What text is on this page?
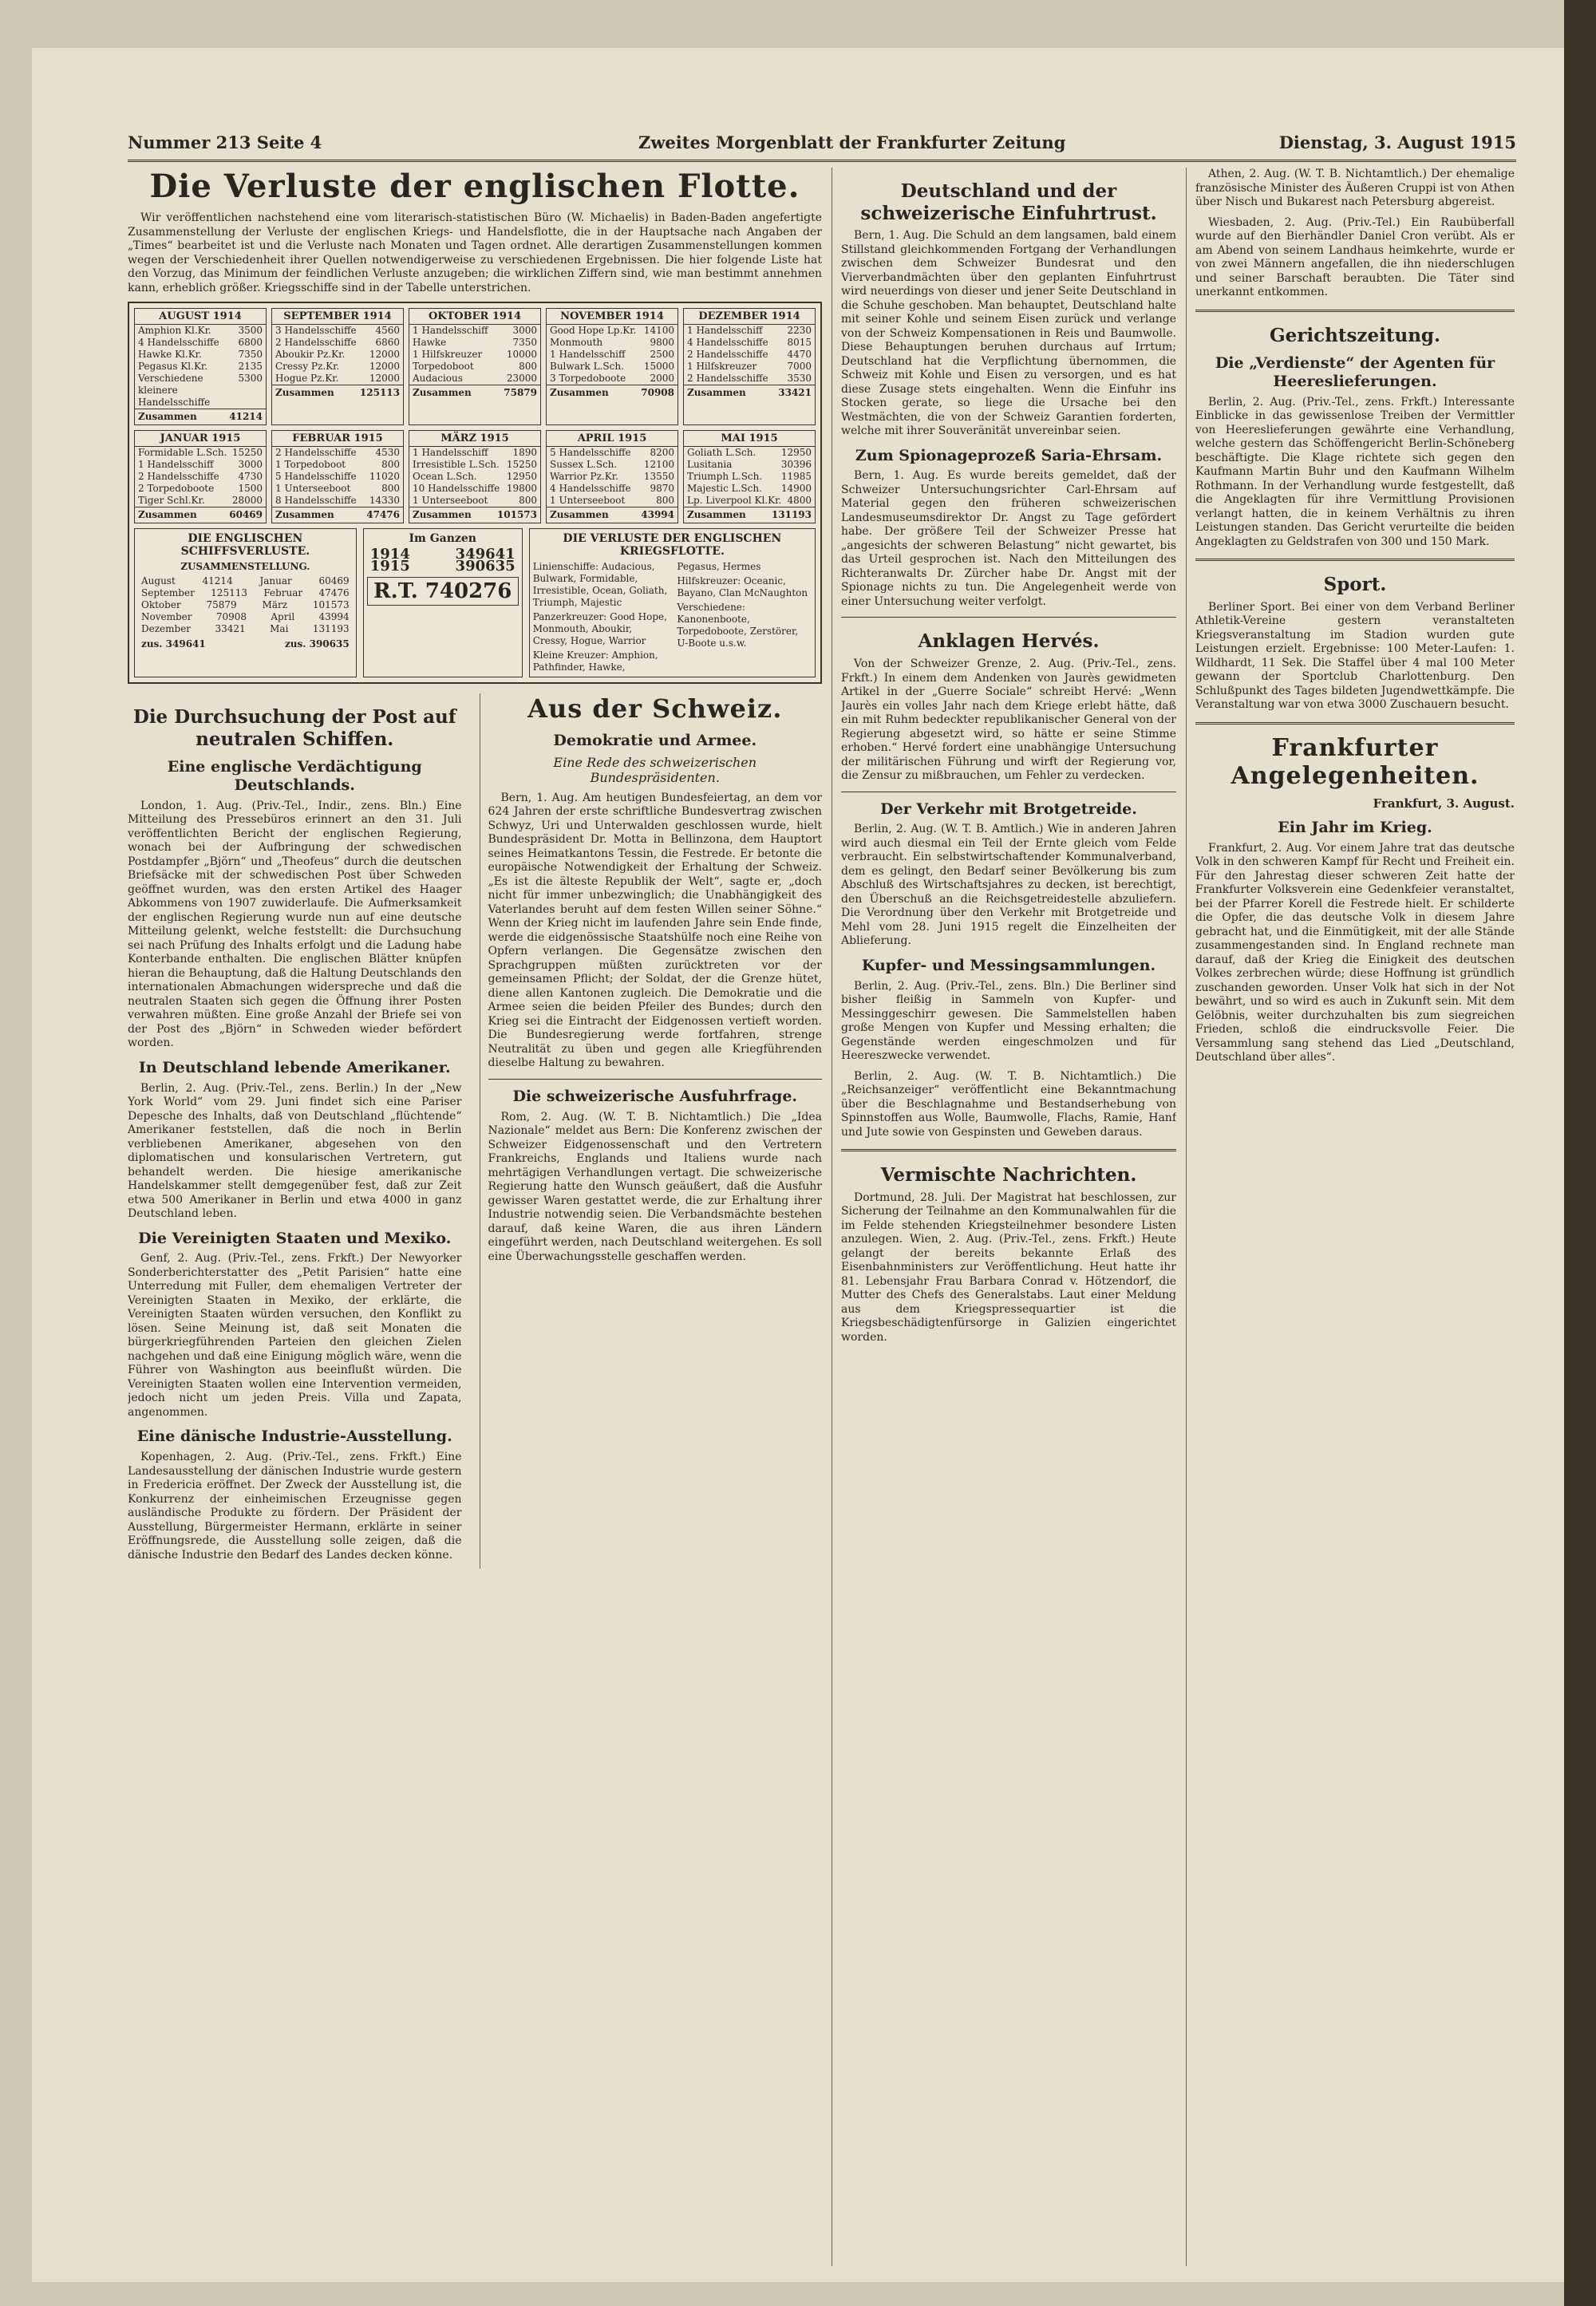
Nummer 213 Seite 4	Zweites Morgenblatt der Frankfurter Zeitung	Dienstag, 3. August 1915
Die Verluste der englischen Flotte.

Wir veröffentlichen nachstehend eine vom literarisch-statistischen Büro (W. Michaelis) in Baden-Baden angefertigte Zusammenstellung der Verluste der englischen Kriegs- und Handelsflotte, die in der Hauptsache nach Angaben der „Times“ bearbeitet ist und die Verluste nach Monaten und Tagen ordnet. Alle derartigen Zusammenstellungen kommen wegen der Verschiedenheit ihrer Quellen notwendigerweise zu verschiedenen Ergebnissen. Die hier folgende Liste hat den Vorzug, das Minimum der feindlichen Verluste anzugeben; die wirklichen Ziffern sind, wie man bestimmt annehmen kann, erheblich größer. Kriegsschiffe sind in der Tabelle unterstrichen.

AUGUST 1914
Amphion Kl.Kr.	3500
4 Handelsschiffe 6800
Hawke Kl.Kr.	7350
Pegasus Kl.Kr.	2135
Verschiedene kleinere Handelsschiffe
5300
Zusammen	41214
SEPTEMBER 1914
3 Handelsschiffe 4560
2 Handelsschiffe 6860
Aboukir Pz.Kr.	12000
Cressy Pz.Kr.	12000
Hogue Pz.Kr.	12000
Zusammen	125113
OKTOBER 1914
1 Handelsschiff	3000
Hawke	7350
1 Hilfskreuzer	10000
Torpedoboot	800
Audacious	23000
Zusammen	75879
NOVEMBER 1914
Good Hope Lp.Kr. 14100
Monmouth	9800
1 Handelsschiff	2500
Bulwark L.Sch. 15000
3 Torpedoboote	2000
Zusammen	70908
DEZEMBER 1914
1 Handelsschiff	2230
4 Handelsschiffe 8015
2 Handelsschiffe 4470
1 Hilfskreuzer	7000
2 Handelsschiffe 3530
Zusammen	33421
JANUAR 1915
Formidable L.Sch. 15250
1 Handelsschiff	3000
2 Handelsschiffe 4730
2 Torpedoboote	1500
Tiger Schl.Kr.	28000
Zusammen	60469
FEBRUAR 1915
2 Handelsschiffe 4530
1 Torpedoboot	800
5 Handelsschiffe 11020
1 Unterseeboot	800
8 Handelsschiffe 14330
Zusammen	47476
MÄRZ 1915
1 Handelsschiff	1890
Irresistible L.Sch. 15250
Ocean L.Sch.	12950
10 Handelsschiffe 19800
1 Unterseeboot	800
Zusammen	101573
APRIL 1915
5 Handelsschiffe 8200
Sussex L.Sch.	12100
Warrior Pz.Kr.	13550
4 Handelsschiffe 9870
1 Unterseeboot	800
Zusammen	43994
MAI 1915
Goliath L.Sch.	12950
Lusitania	30396
Triumph L.Sch. 11985
Majestic L.Sch. 14900
Lp. Liverpool Kl.Kr. 4800
Zusammen	131193
DIE ENGLISCHEN SCHIFFSVERLUSTE.
ZUSAMMENSTELLUNG.
August	41214	Januar	60469
September 125113 Februar 47476
Oktober	75879	März	101573
November	70908	April	43994
Dezember	33421	Mai	131193
zus. 349641	zus. 390635
Im Ganzen
1914	349641
1915	390635
R.T. 740276
DIE VERLUSTE DER ENGLISCHEN KRIEGSFLOTTE.
Linienschiffe: Audacious, Bulwark, Formidable, Irresistible, Ocean, Goliath, Triumph, Majestic
Panzerkreuzer: Good Hope, Monmouth, Aboukir, Cressy, Hogue, Warrior
Kleine Kreuzer: Amphion, Pathfinder, Hawke, Pegasus, Hermes
Hilfskreuzer: Oceanic, Bayano, Clan McNaughton
Verschiedene: Kanonenboote, Torpedoboote, Zerstörer, U-Boote u.s.w.
Die Durchsuchung der Post auf neutralen Schiffen.
Eine englische Verdächtigung Deutschlands.

London, 1. Aug. (Priv.-Tel., Indir., zens. Bln.) Eine Mitteilung des Pressebüros erinnert an den 31. Juli veröffentlichten Bericht der englischen Regierung, wonach bei der Aufbringung der schwedischen Postdampfer „Björn“ und „Theofeus“ durch die deutschen Briefsäcke mit der schwedischen Post über Schweden geöffnet wurden, was den ersten Artikel des Haager Abkommens von 1907 zuwiderlaufe. Die Aufmerksamkeit der englischen Regierung wurde nun auf eine deutsche Mitteilung gelenkt, welche feststellt: die Durchsuchung sei nach Prüfung des Inhalts erfolgt und die Ladung habe Konterbande enthalten. Die englischen Blätter knüpfen hieran die Behauptung, daß die Haltung Deutschlands den internationalen Abmachungen widerspreche und daß die neutralen Staaten sich gegen die Öffnung ihrer Posten verwahren müßten. Eine große Anzahl der Briefe sei von der Post des „Björn“ in Schweden wieder befördert worden.

In Deutschland lebende Amerikaner.

Berlin, 2. Aug. (Priv.-Tel., zens. Berlin.) In der „New York World“ vom 29. Juni findet sich eine Pariser Depesche des Inhalts, daß von Deutschland „flüchtende“ Amerikaner feststellen, daß die noch in Berlin verbliebenen Amerikaner, abgesehen von den diplomatischen und konsularischen Vertretern, gut behandelt werden. Die hiesige amerikanische Handelskammer stellt demgegenüber fest, daß zur Zeit etwa 500 Amerikaner in Berlin und etwa 4000 in ganz Deutschland leben.

Die Vereinigten Staaten und Mexiko.

Genf, 2. Aug. (Priv.-Tel., zens. Frkft.) Der Newyorker Sonderberichterstatter des „Petit Parisien“ hatte eine Unterredung mit Fuller, dem ehemaligen Vertreter der Vereinigten Staaten in Mexiko, der erklärte, die Vereinigten Staaten würden versuchen, den Konflikt zu lösen. Seine Meinung ist, daß seit Monaten die bürgerkriegführenden Parteien den gleichen Zielen nachgehen und daß eine Einigung möglich wäre, wenn die Führer von Washington aus beeinflußt würden. Die Vereinigten Staaten wollen eine Intervention vermeiden, jedoch nicht um jeden Preis. Villa und Zapata, angenommen.

Eine dänische Industrie-Ausstellung.

Kopenhagen, 2. Aug. (Priv.-Tel., zens. Frkft.) Eine Landesausstellung der dänischen Industrie wurde gestern in Fredericia eröffnet. Der Zweck der Ausstellung ist, die Konkurrenz der einheimischen Erzeugnisse gegen ausländische Produkte zu fördern. Der Präsident der Ausstellung, Bürgermeister Hermann, erklärte in seiner Eröffnungsrede, die Ausstellung solle zeigen, daß die dänische Industrie den Bedarf des Landes decken könne.

Aus der Schweiz.
Demokratie und Armee.
Eine Rede des schweizerischen Bundespräsidenten.

Bern, 1. Aug. Am heutigen Bundesfeiertag, an dem vor 624 Jahren der erste schriftliche Bundesvertrag zwischen Schwyz, Uri und Unterwalden geschlossen wurde, hielt Bundespräsident Dr. Motta in Bellinzona, dem Hauptort seines Heimatkantons Tessin, die Festrede. Er betonte die europäische Notwendigkeit der Erhaltung der Schweiz. „Es ist die älteste Republik der Welt“, sagte er, „doch nicht für immer unbezwinglich; die Unabhängigkeit des Vaterlandes beruht auf dem festen Willen seiner Söhne.“ Wenn der Krieg nicht im laufenden Jahre sein Ende finde, werde die eidgenössische Staatshülfe noch eine Reihe von Opfern verlangen. Die Gegensätze zwischen den Sprachgruppen müßten zurücktreten vor der gemeinsamen Pflicht; der Soldat, der die Grenze hütet, diene allen Kantonen zugleich. Die Demokratie und die Armee seien die beiden Pfeiler des Bundes; durch den Krieg sei die Eintracht der Eidgenossen vertieft worden. Die Bundesregierung werde fortfahren, strenge Neutralität zu üben und gegen alle Kriegführenden dieselbe Haltung zu bewahren.

Die schweizerische Ausfuhrfrage.

Rom, 2. Aug. (W. T. B. Nichtamtlich.) Die „Idea Nazionale“ meldet aus Bern: Die Konferenz zwischen der Schweizer Eidgenossenschaft und den Vertretern Frankreichs, Englands und Italiens wurde nach mehrtägigen Verhandlungen vertagt. Die schweizerische Regierung hatte den Wunsch geäußert, daß die Ausfuhr gewisser Waren gestattet werde, die zur Erhaltung ihrer Industrie notwendig seien. Die Verbandsmächte bestehen darauf, daß keine Waren, die aus ihren Ländern eingeführt werden, nach Deutschland weitergehen. Es soll eine Überwachungsstelle geschaffen werden.

Deutschland und der schweizerische Einfuhrtrust.

Bern, 1. Aug. Die Schuld an dem langsamen, bald einem Stillstand gleichkommenden Fortgang der Verhandlungen zwischen dem Schweizer Bundesrat und den Vierverbandmächten über den geplanten Einfuhrtrust wird neuerdings von dieser und jener Seite Deutschland in die Schuhe geschoben. Man behauptet, Deutschland halte mit seiner Kohle und seinem Eisen zurück und verlange von der Schweiz Kompensationen in Reis und Baumwolle. Diese Behauptungen beruhen durchaus auf Irrtum; Deutschland hat die Verpflichtung übernommen, die Schweiz mit Kohle und Eisen zu versorgen, und es hat diese Zusage stets eingehalten. Wenn die Einfuhr ins Stocken gerate, so liege die Ursache bei den Westmächten, die von der Schweiz Garantien forderten, welche mit ihrer Souveränität unvereinbar seien.

Zum Spionageprozeß Saria-Ehrsam.

Bern, 1. Aug. Es wurde bereits gemeldet, daß der Schweizer Untersuchungsrichter Carl-Ehrsam auf Material gegen den früheren schweizerischen Landesmuseumsdirektor Dr. Angst zu Tage gefördert habe. Der größere Teil der Schweizer Presse hat „angesichts der schweren Belastung“ nicht gewartet, bis das Urteil gesprochen ist. Nach den Mitteilungen des Richteranwalts Dr. Zürcher habe Dr. Angst mit der Spionage nichts zu tun. Die Angelegenheit werde von einer Untersuchung weiter verfolgt.

Anklagen Hervés.

Von der Schweizer Grenze, 2. Aug. (Priv.-Tel., zens. Frkft.) In einem dem Andenken von Jaurès gewidmeten Artikel in der „Guerre Sociale“ schreibt Hervé: „Wenn Jaurès ein volles Jahr nach dem Kriege erlebt hätte, daß ein mit Ruhm bedeckter republikanischer General von der Regierung abgesetzt wird, so hätte er seine Stimme erhoben.“ Hervé fordert eine unabhängige Untersuchung der militärischen Führung und wirft der Regierung vor, die Zensur zu mißbrauchen, um Fehler zu verdecken.

Der Verkehr mit Brotgetreide.

Berlin, 2. Aug. (W. T. B. Amtlich.) Wie in anderen Jahren wird auch diesmal ein Teil der Ernte gleich vom Felde verbraucht. Ein selbstwirtschaftender Kommunalverband, dem es gelingt, den Bedarf seiner Bevölkerung bis zum Abschluß des Wirtschaftsjahres zu decken, ist berechtigt, den Überschuß an die Reichsgetreidestelle abzuliefern. Die Verordnung über den Verkehr mit Brotgetreide und Mehl vom 28. Juni 1915 regelt die Einzelheiten der Ablieferung.

Kupfer- und Messingsammlungen.

Berlin, 2. Aug. (Priv.-Tel., zens. Bln.) Die Berliner sind bisher fleißig in Sammeln von Kupfer- und Messinggeschirr gewesen. Die Sammelstellen haben große Mengen von Kupfer und Messing erhalten; die Gegenstände werden eingeschmolzen und für Heereszwecke verwendet.

Berlin, 2. Aug. (W. T. B. Nichtamtlich.) Die „Reichsanzeiger“ veröffentlicht eine Bekanntmachung über die Beschlagnahme und Bestandserhebung von Spinnstoffen aus Wolle, Baumwolle, Flachs, Ramie, Hanf und Jute sowie von Gespinsten und Geweben daraus.

Vermischte Nachrichten.

Dortmund, 28. Juli. Der Magistrat hat beschlossen, zur Sicherung der Teilnahme an den Kommunalwahlen für die im Felde stehenden Kriegsteilnehmer besondere Listen anzulegen. Wien, 2. Aug. (Priv.-Tel., zens. Frkft.) Heute gelangt der bereits bekannte Erlaß des Eisenbahnministers zur Veröffentlichung. Heut hatte ihr 81. Lebensjahr Frau Barbara Conrad v. Hötzendorf, die Mutter des Chefs des Generalstabs. Laut einer Meldung aus dem Kriegspressequartier ist die Kriegsbeschädigtenfürsorge in Galizien eingerichtet worden.

Athen, 2. Aug. (W. T. B. Nichtamtlich.) Der ehemalige französische Minister des Äußeren Cruppi ist von Athen über Nisch und Bukarest nach Petersburg abgereist.

Wiesbaden, 2. Aug. (Priv.-Tel.) Ein Raubüberfall wurde auf den Bierhändler Daniel Cron verübt. Als er am Abend von seinem Landhaus heimkehrte, wurde er von zwei Männern angefallen, die ihn niederschlugen und seiner Barschaft beraubten. Die Täter sind unerkannt entkommen.

Gerichtszeitung.
Die „Verdienste“ der Agenten für Heereslieferungen.

Berlin, 2. Aug. (Priv.-Tel., zens. Frkft.) Interessante Einblicke in das gewissenlose Treiben der Vermittler von Heereslieferungen gewährte eine Verhandlung, welche gestern das Schöffengericht Berlin-Schöneberg beschäftigte. Die Klage richtete sich gegen den Kaufmann Martin Buhr und den Kaufmann Wilhelm Rothmann. In der Verhandlung wurde festgestellt, daß die Angeklagten für ihre Vermittlung Provisionen verlangt hatten, die in keinem Verhältnis zu ihren Leistungen standen. Das Gericht verurteilte die beiden Angeklagten zu Geldstrafen von 300 und 150 Mark.

Sport.

Berliner Sport. Bei einer von dem Verband Berliner Athletik-Vereine gestern veranstalteten Kriegsveranstaltung im Stadion wurden gute Leistungen erzielt. Ergebnisse: 100 Meter-Laufen: 1. Wildhardt, 11 Sek. Die Staffel über 4 mal 100 Meter gewann der Sportclub Charlottenburg. Den Schlußpunkt des Tages bildeten Jugendwettkämpfe. Die Veranstaltung war von etwa 3000 Zuschauern besucht.

Frankfurter Angelegenheiten.
Frankfurt, 3. August.
Ein Jahr im Krieg.

Frankfurt, 2. Aug. Vor einem Jahre trat das deutsche Volk in den schweren Kampf für Recht und Freiheit ein. Für den Jahrestag dieser schweren Zeit hatte der Frankfurter Volksverein eine Gedenkfeier veranstaltet, bei der Pfarrer Korell die Festrede hielt. Er schilderte die Opfer, die das deutsche Volk in diesem Jahre gebracht hat, und die Einmütigkeit, mit der alle Stände zusammengestanden sind. In England rechnete man darauf, daß der Krieg die Einigkeit des deutschen Volkes zerbrechen würde; diese Hoffnung ist gründlich zuschanden geworden. Unser Volk hat sich in der Not bewährt, und so wird es auch in Zukunft sein. Mit dem Gelöbnis, weiter durchzuhalten bis zum siegreichen Frieden, schloß die eindrucksvolle Feier. Die Versammlung sang stehend das Lied „Deutschland, Deutschland über alles“.
